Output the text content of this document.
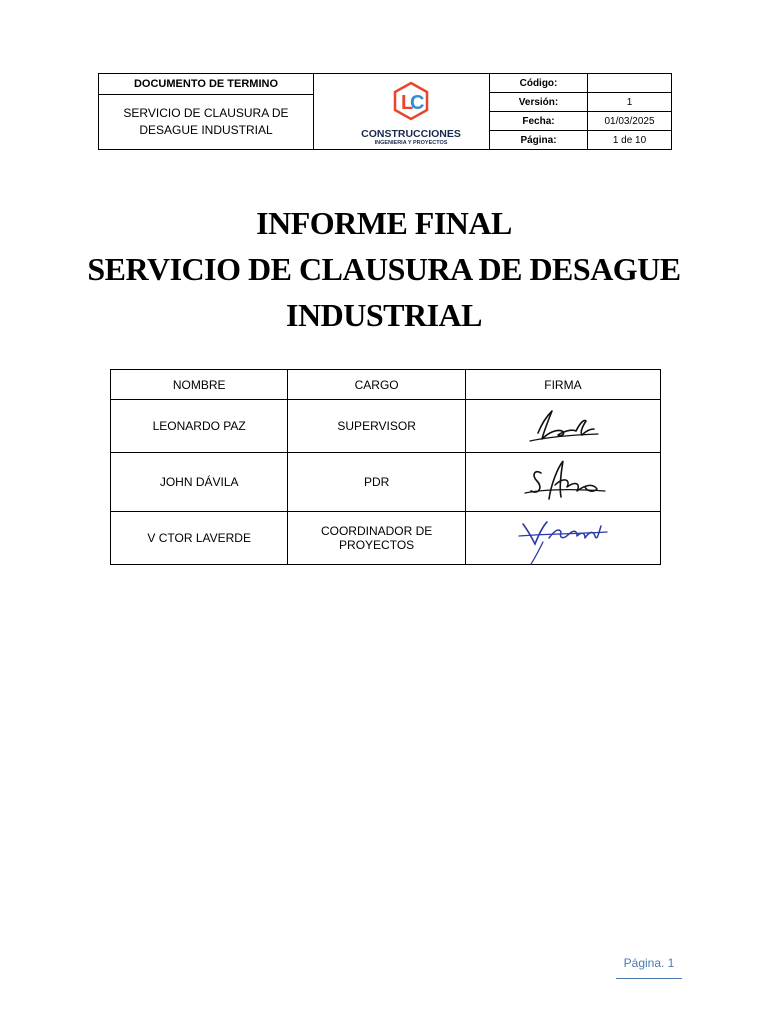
DOCUMENTO DE TERMINO
SERVICIO DE CLAUSURA DE DESAGUE INDUSTRIAL
L
C
CONSTRUCCIONES
INGENIERIA Y PROYECTOS
Código:
Versión:	1
Fecha:	01/03/2025
Página:	1 de 10
INFORME FINAL
SERVICIO DE CLAUSURA DE DESAGUE
INDUSTRIAL
NOMBRE	CARGO	FIRMA
LEONARDO PAZ	SUPERVISOR	

JOHN DÁVILA	PDR	

V CTOR LAVERDE	COORDINADOR DE PROYECTOS	
Página. 1
